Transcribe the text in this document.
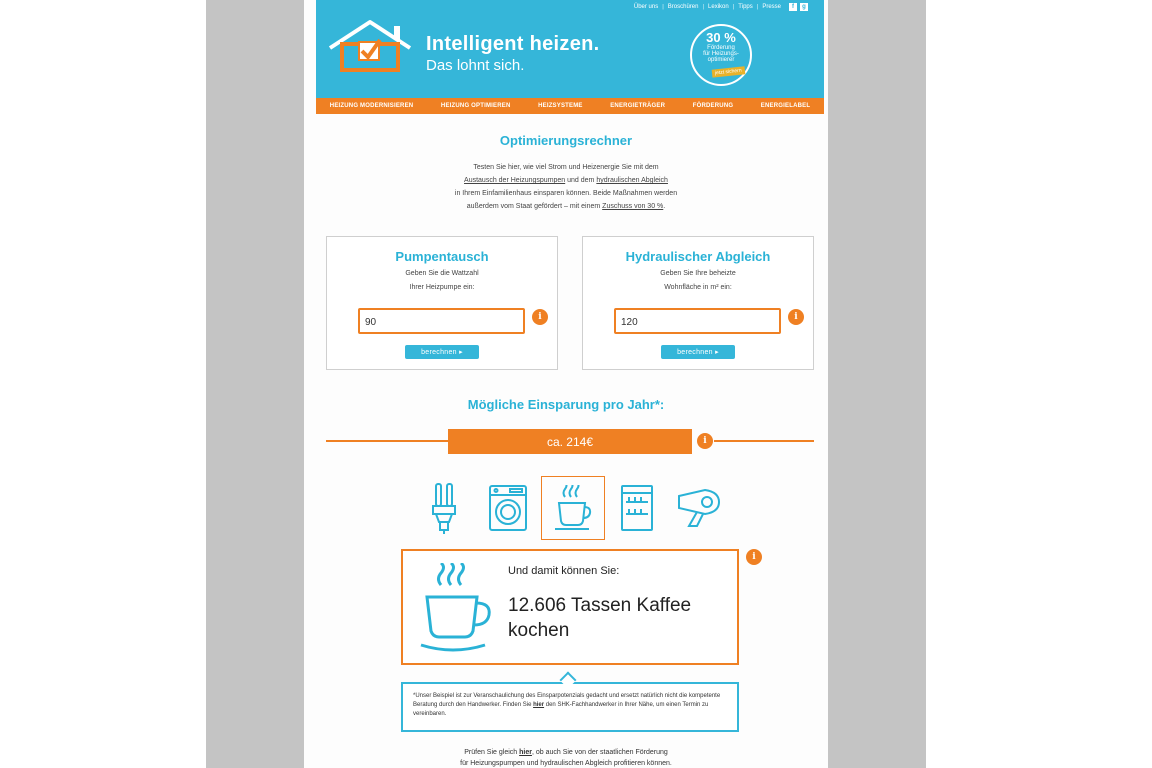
Über uns | Broschüren | Lexikon | Tipps | Presse	f	g
Intelligent heizen.
Das lohnt sich.
30 %
Förderung
für Heizungs-
optimierer
jetzt sichern
HEIZUNG MODERNISIEREN	HEIZUNG OPTIMIEREN	HEIZSYSTEME	ENERGIETRÄGER	FÖRDERUNG	ENERGIELABEL
Optimierungsrechner
Testen Sie hier, wie viel Strom und Heizenergie Sie mit dem
Austausch der Heizungspumpen und dem hydraulischen Abgleich
in Ihrem Einfamilienhaus einsparen können. Beide Maßnahmen werden
außerdem vom Staat gefördert – mit einem Zuschuss von 30 %.
Pumpentausch
Geben Sie die Wattzahl
Ihrer Heizpumpe ein:
90	i
berechnen ▸
Hydraulischer Abgleich
Geben Sie Ihre beheizte
Wohnfläche in m² ein:
120	i
berechnen ▸
Mögliche Einsparung pro Jahr*:
ca. 214€	i
Und damit können Sie:
12.606 Tassen Kaffee kochen
i
*Unser Beispiel ist zur Veranschaulichung des Einsparpotenzials gedacht und ersetzt natürlich nicht die kompetente Beratung durch den Handwerker. Finden Sie hier den SHK-Fachhandwerker in Ihrer Nähe, um einen Termin zu vereinbaren.
Prüfen Sie gleich hier, ob auch Sie von der staatlichen Förderung
für Heizungspumpen und hydraulischen Abgleich profitieren können.
